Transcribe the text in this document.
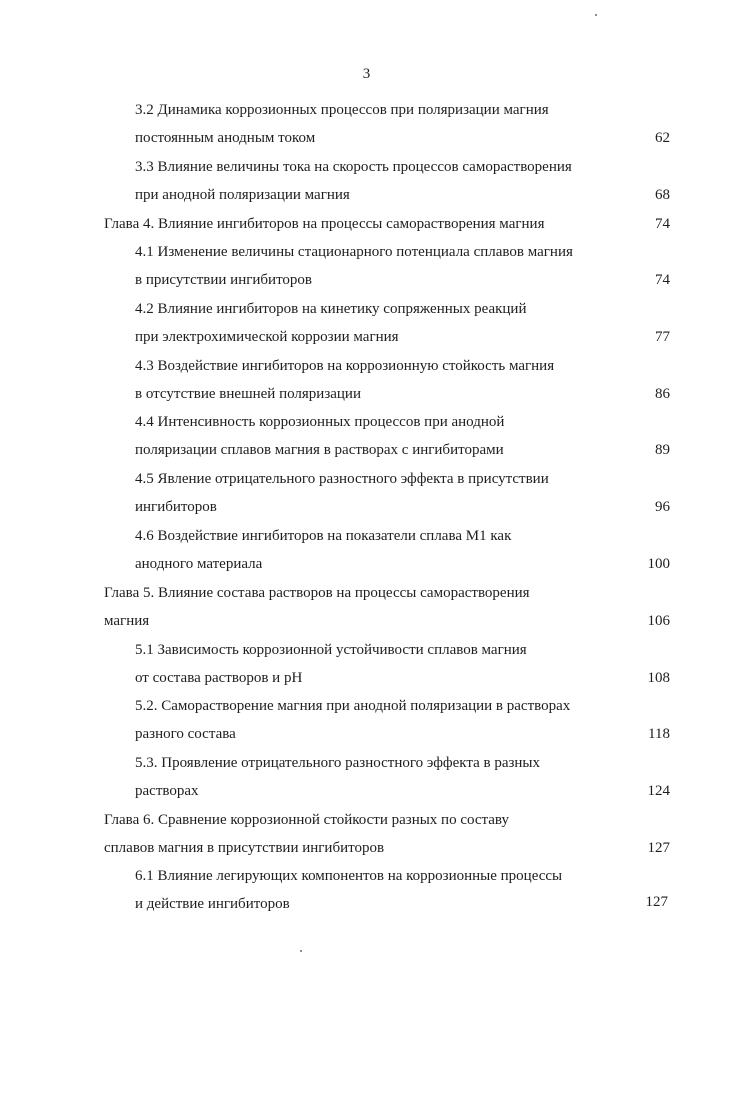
3
3.2 Динамика коррозионных процессов при поляризации магния
постоянным анодным током	62
3.3 Влияние величины тока на скорость процессов саморастворения
при анодной поляризации магния	68
Глава 4. Влияние ингибиторов на процессы саморастворения магния	74
4.1 Изменение величины стационарного потенциала сплавов магния
в присутствии ингибиторов	74
4.2 Влияние ингибиторов на кинетику сопряженных реакций
при электрохимической коррозии магния	77
4.3 Воздействие ингибиторов на коррозионную стойкость магния
в отсутствие внешней поляризации	86
4.4 Интенсивность коррозионных процессов при анодной
поляризации сплавов магния в растворах с ингибиторами	89
4.5 Явление отрицательного разностного эффекта в присутствии
ингибиторов	96
4.6 Воздействие ингибиторов на показатели сплава М1 как
анодного материала	100
Глава 5. Влияние состава растворов на процессы саморастворения
магния	106
5.1 Зависимость коррозионной устойчивости сплавов магния
от состава растворов и pH	108
5.2. Саморастворение магния при анодной поляризации в растворах
разного состава	118
5.3. Проявление отрицательного разностного эффекта в разных
растворах	124
Глава 6. Сравнение коррозионной стойкости разных по составу
сплавов магния в присутствии ингибиторов	127
6.1 Влияние легирующих компонентов на коррозионные процессы
и действие ингибиторов	127
